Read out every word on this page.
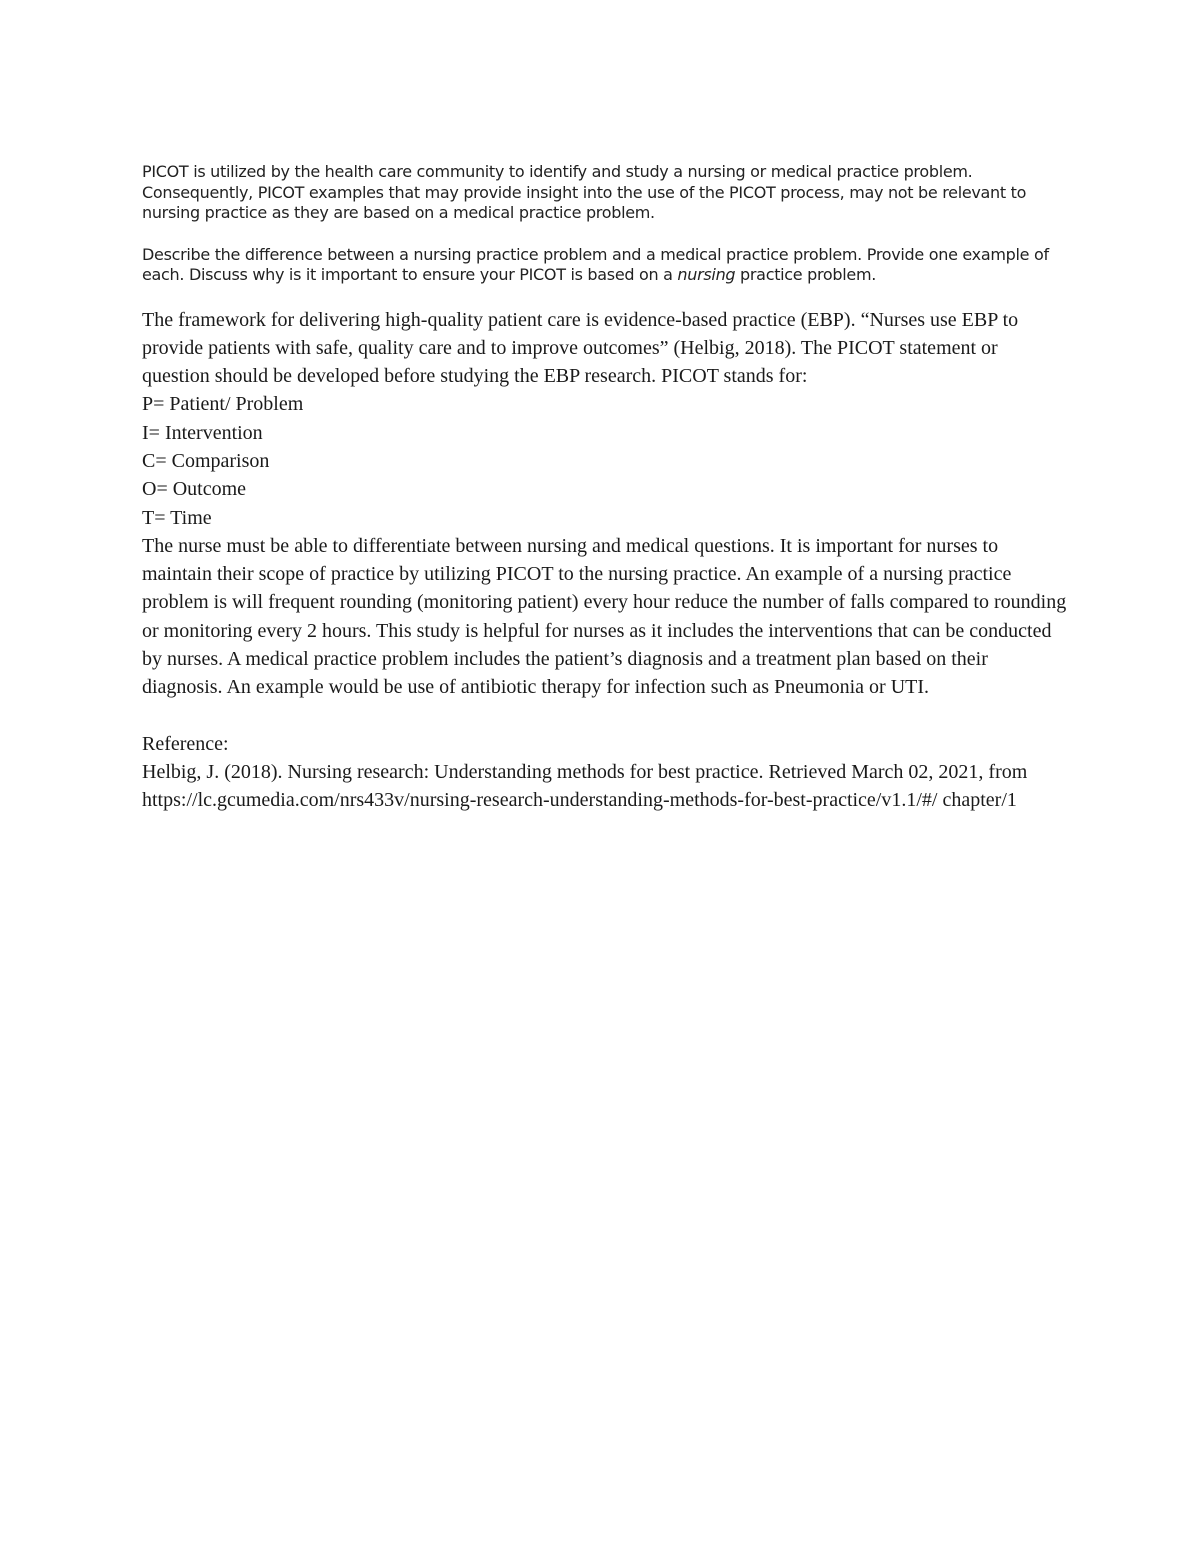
PICOT is utilized by the health care community to identify and study a nursing or medical practice problem. Consequently, PICOT examples that may provide insight into the use of the PICOT process, may not be relevant to nursing practice as they are based on a medical practice problem.

Describe the difference between a nursing practice problem and a medical practice problem. Provide one example of each. Discuss why is it important to ensure your PICOT is based on a nursing practice problem.

The framework for delivering high-quality patient care is evidence-based practice (EBP). “Nurses use EBP to provide patients with safe, quality care and to improve outcomes” (Helbig, 2018). The PICOT statement or question should be developed before studying the EBP research. PICOT stands for:

P= Patient/ Problem
I= Intervention
C= Comparison
O= Outcome
T= Time

The nurse must be able to differentiate between nursing and medical questions. It is important for nurses to maintain their scope of practice by utilizing PICOT to the nursing practice. An example of a nursing practice problem is will frequent rounding (monitoring patient) every hour reduce the number of falls compared to rounding or monitoring every 2 hours. This study is helpful for nurses as it includes the interventions that can be conducted by nurses. A medical practice problem includes the patient’s diagnosis and a treatment plan based on their diagnosis. An example would be use of antibiotic therapy for infection such as Pneumonia or UTI.

Reference:

Helbig, J. (2018). Nursing research: Understanding methods for best practice. Retrieved March 02, 2021, from https://lc.gcumedia.com/nrs433v/nursing-research-understanding-methods-for-best-practice/v1.1/#/ chapter/1
